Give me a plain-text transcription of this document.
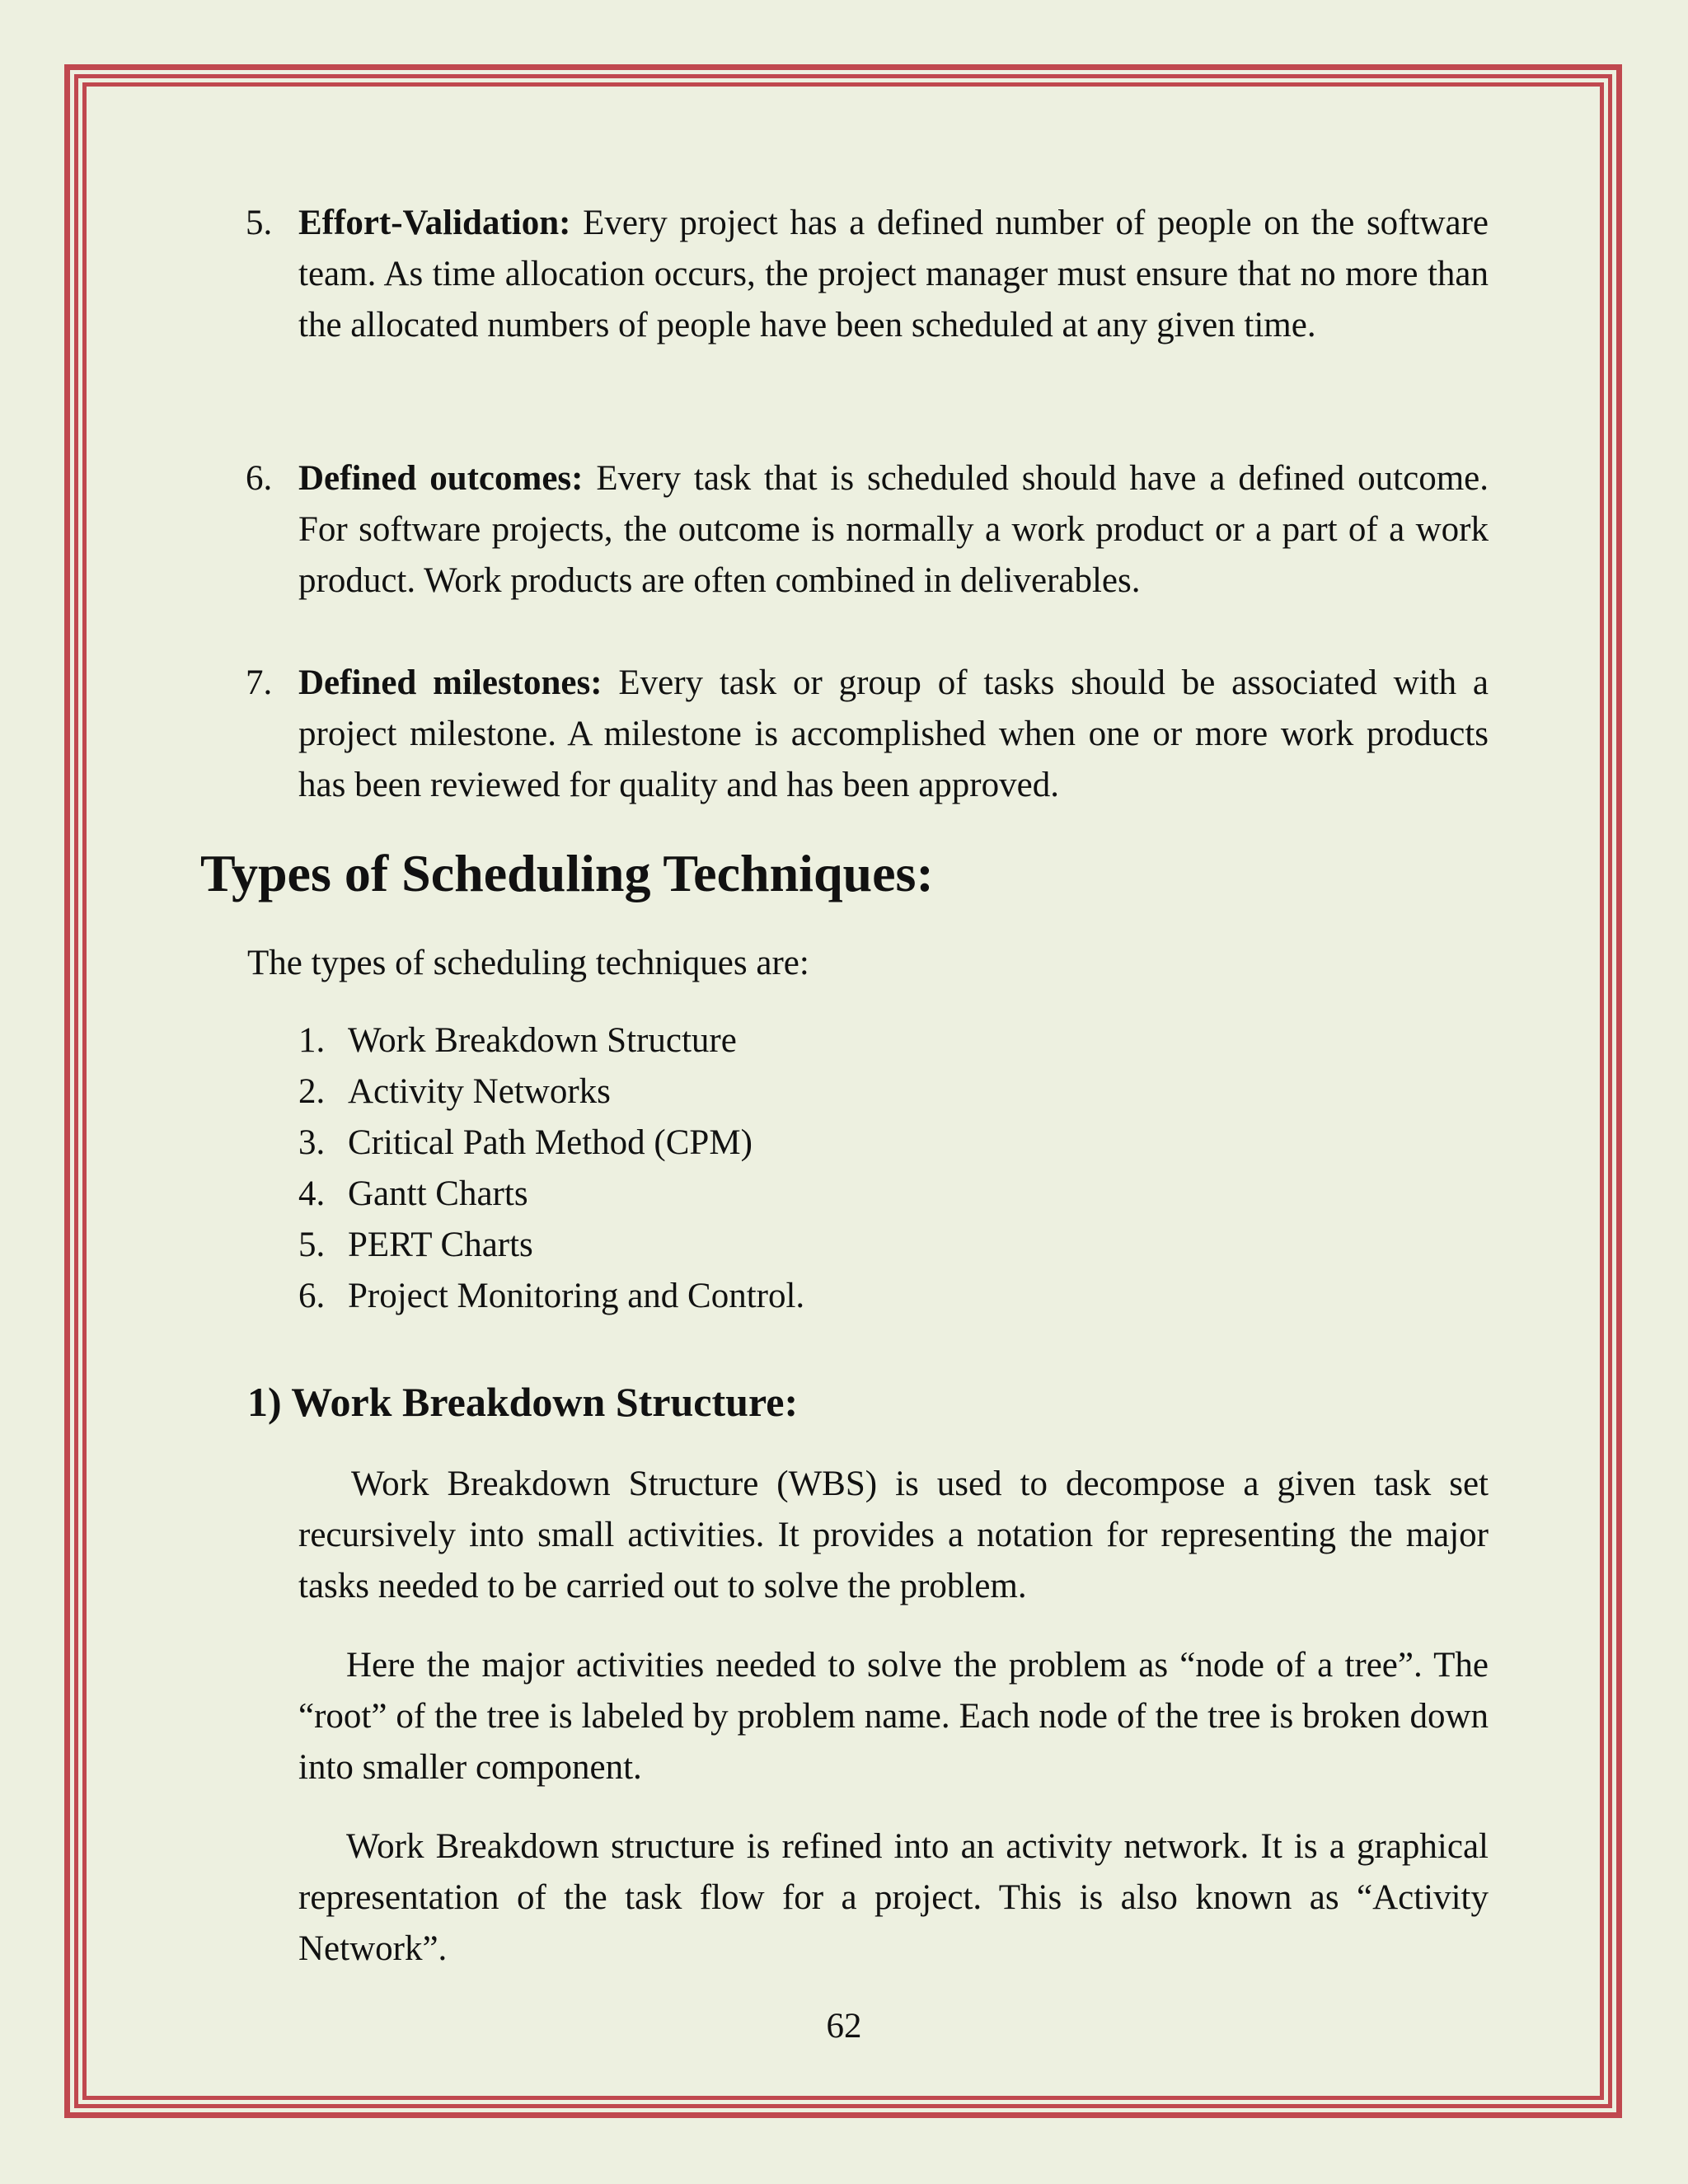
5. Effort-Validation: Every project has a defined number of people on the software team. As time allocation occurs, the project manager must ensure that no more than the allocated numbers of people have been scheduled at any given time.
6. Defined outcomes: Every task that is scheduled should have a defined outcome. For software projects, the outcome is normally a work product or a part of a work product. Work products are often combined in deliverables.
7. Defined milestones: Every task or group of tasks should be associated with a project milestone. A milestone is accomplished when one or more work products has been reviewed for quality and has been approved.
Types of Scheduling Techniques:
The types of scheduling techniques are:
1. Work Breakdown Structure
2. Activity Networks
3. Critical Path Method (CPM)
4. Gantt Charts
5. PERT Charts
6. Project Monitoring and Control.
1) Work Breakdown Structure:
Work Breakdown Structure (WBS) is used to decompose a given task set recursively into small activities. It provides a notation for representing the major tasks needed to be carried out to solve the problem.
Here the major activities needed to solve the problem as “node of a tree”. The “root” of the tree is labeled by problem name. Each node of the tree is broken down into smaller component.
Work Breakdown structure is refined into an activity network. It is a graphical representation of the task flow for a project. This is also known as “Activity Network”.
62
